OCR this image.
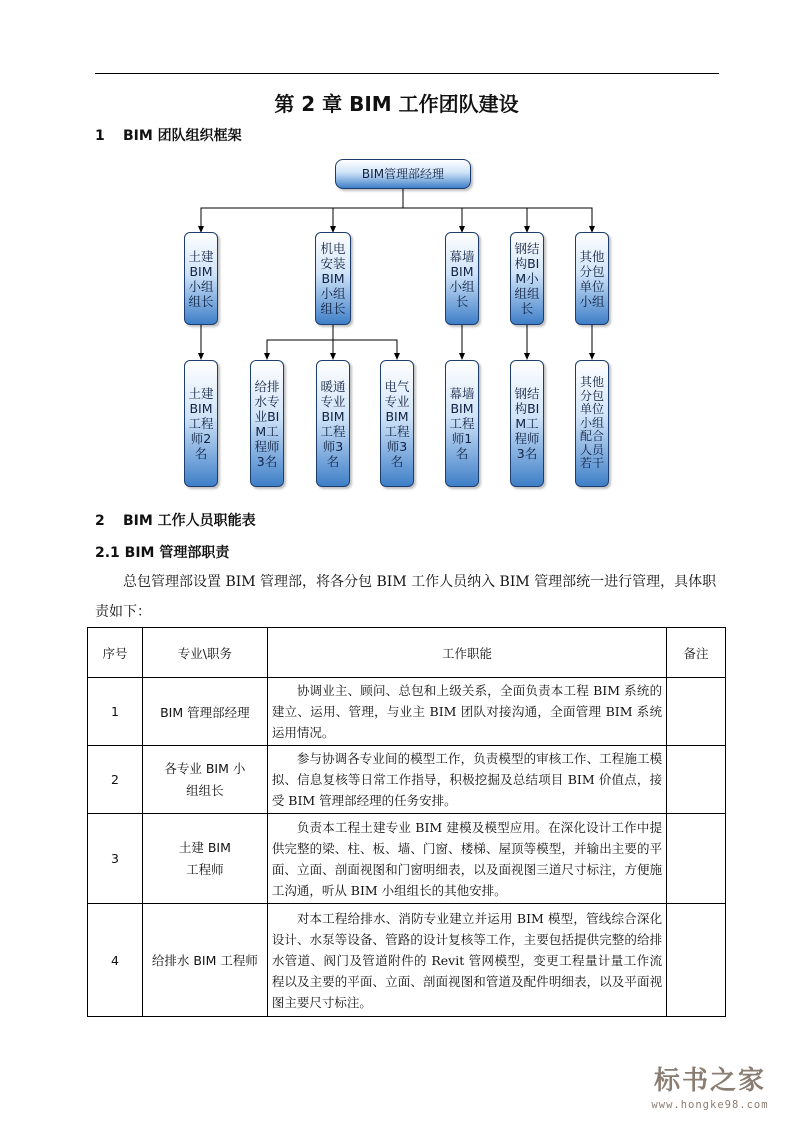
第 2 章 BIM 工作团队建设
1 BIM 团队组织框架
BIM管理部经理
土建BIM小组组长
机电安装BIM小组组长
幕墙BIM小组长
钢结构BIM小组组长
其他分包单位小组
土建BIM工程师2名
给排水专业BIM工程师3名
暖通专业BIM工程师3名
电气专业BIM工程师3名
幕墙BIM工程师1名
钢结构BIM工程师3名
其他分包单位小组配合人员若干
2 BIM 工作人员职能表
2.1 BIM 管理部职责

总包管理部设置 BIM 管理部，将各分包 BIM 工作人员纳入 BIM 管理部统一进行管理，具体职责如下：

序号	专业\职务	工作职能	备注
1	BIM 管理部经理	协调业主、顾问、总包和上级关系，全面负责本工程 BIM 系统的建立、运用、管理，与业主 BIM 团队对接沟通，全面管理 BIM 系统运用情况。	
2	各专业 BIM 小组组长	参与协调各专业间的模型工作，负责模型的审核工作、工程施工模拟、信息复核等日常工作指导，积极挖掘及总结项目 BIM 价值点，接受 BIM 管理部经理的任务安排。	
3	土建 BIM 工程师	负责本工程土建专业 BIM 建模及模型应用。在深化设计工作中提供完整的梁、柱、板、墙、门窗、楼梯、屋顶等模型，并输出主要的平面、立面、剖面视图和门窗明细表，以及面视图三道尺寸标注，方便施工沟通，听从 BIM 小组组长的其他安排。	
4	给排水 BIM 工程师	对本工程给排水、消防专业建立并运用 BIM 模型，管线综合深化设计、水泵等设备、管路的设计复核等工作，主要包括提供完整的给排水管道、阀门及管道附件的 Revit 管网模型，变更工程量计量工作流程以及主要的平面、立面、剖面视图和管道及配件明细表，以及平面视图主要尺寸标注。	
标书之家
www.hongke98.com
